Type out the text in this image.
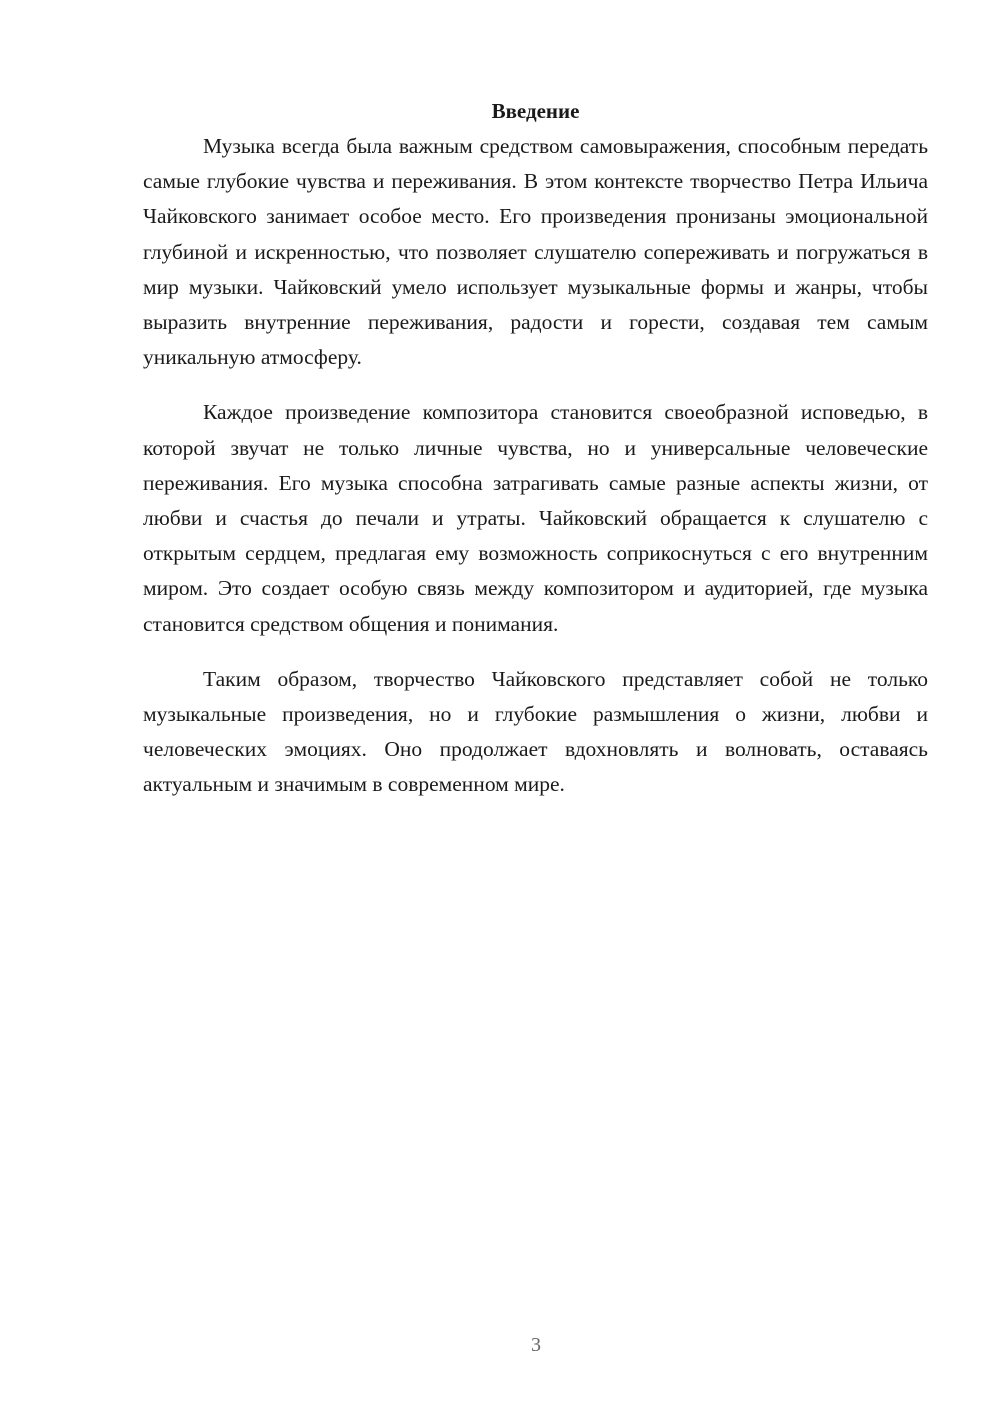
Введение

Музыка всегда была важным средством самовыражения, способным передать самые глубокие чувства и переживания. В этом контексте творчество Петра Ильича Чайковского занимает особое место. Его произведения пронизаны эмоциональной глубиной и искренностью, что позволяет слушателю сопереживать и погружаться в мир музыки. Чайковский умело использует музыкальные формы и жанры, чтобы выразить внутренние переживания, радости и горести, создавая тем самым уникальную атмосферу.

Каждое произведение композитора становится своеобразной исповедью, в которой звучат не только личные чувства, но и универсальные человеческие переживания. Его музыка способна затрагивать самые разные аспекты жизни, от любви и счастья до печали и утраты. Чайковский обращается к слушателю с открытым сердцем, предлагая ему возможность соприкоснуться с его внутренним миром. Это создает особую связь между композитором и аудиторией, где музыка становится средством общения и понимания.

Таким образом, творчество Чайковского представляет собой не только музыкальные произведения, но и глубокие размышления о жизни, любви и человеческих эмоциях. Оно продолжает вдохновлять и волновать, оставаясь актуальным и значимым в современном мире.

3
